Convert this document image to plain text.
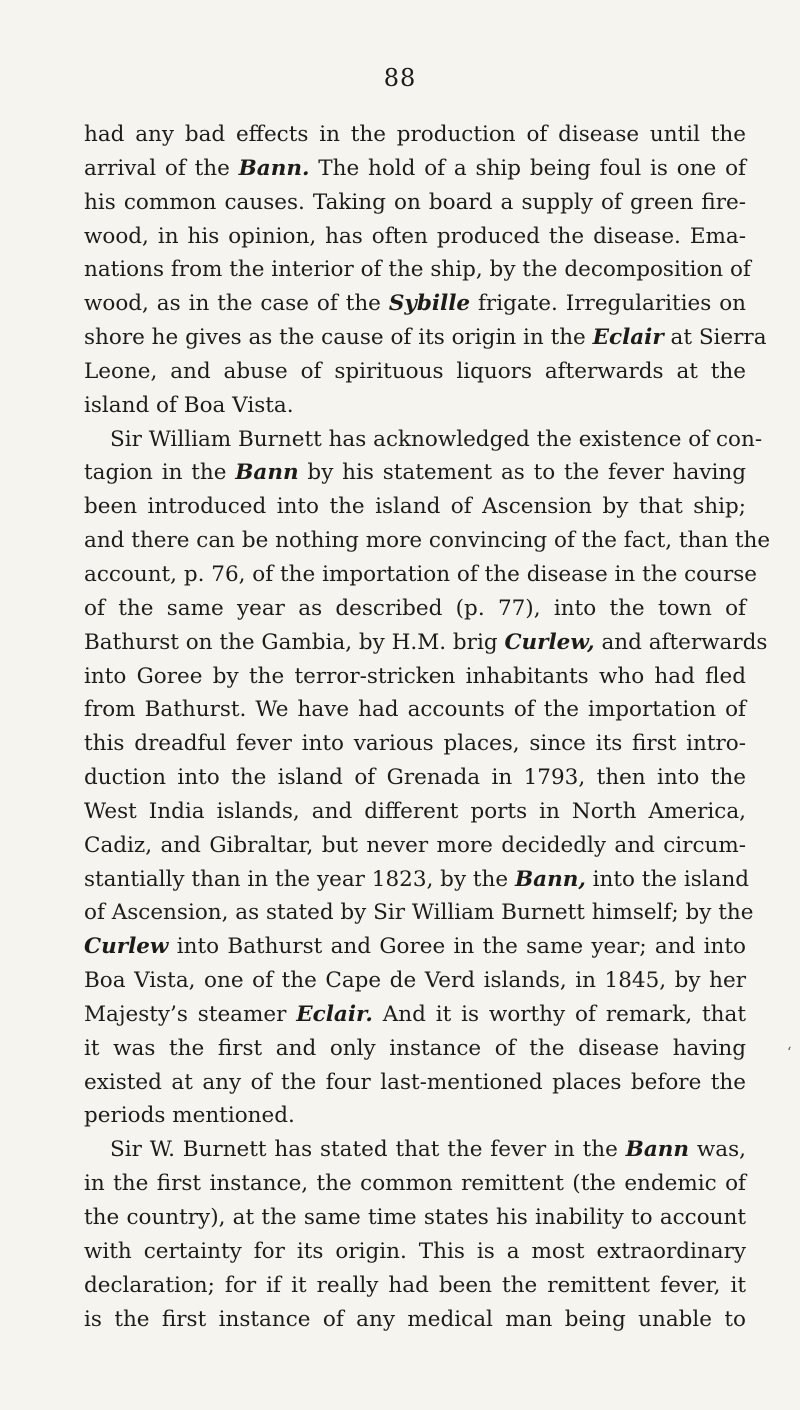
88
had any bad effects in the production of disease until the
arrival of the Bann. The hold of a ship being foul is one of
his common causes. Taking on board a supply of green fire-
wood, in his opinion, has often produced the disease. Ema-
nations from the interior of the ship, by the decomposition of
wood, as in the case of the Sybille frigate. Irregularities on
shore he gives as the cause of its origin in the Eclair at Sierra
Leone, and abuse of spirituous liquors afterwards at the
island of Boa Vista.
Sir William Burnett has acknowledged the existence of con-
tagion in the Bann by his statement as to the fever having
been introduced into the island of Ascension by that ship;
and there can be nothing more convincing of the fact, than the
account, p. 76, of the importation of the disease in the course
of the same year as described (p. 77), into the town of
Bathurst on the Gambia, by H.M. brig Curlew, and afterwards
into Goree by the terror-stricken inhabitants who had fled
from Bathurst. We have had accounts of the importation of
this dreadful fever into various places, since its first intro-
duction into the island of Grenada in 1793, then into the
West India islands, and different ports in North America,
Cadiz, and Gibraltar, but never more decidedly and circum-
stantially than in the year 1823, by the Bann, into the island
of Ascension, as stated by Sir William Burnett himself; by the
Curlew into Bathurst and Goree in the same year; and into
Boa Vista, one of the Cape de Verd islands, in 1845, by her
Majesty’s steamer Eclair. And it is worthy of remark, that
it was the first and only instance of the disease having
existed at any of the four last-mentioned places before the
periods mentioned.
Sir W. Burnett has stated that the fever in the Bann was,
in the first instance, the common remittent (the endemic of
the country), at the same time states his inability to account
with certainty for its origin. This is a most extraordinary
declaration; for if it really had been the remittent fever, it
is the first instance of any medical man being unable to
‘
